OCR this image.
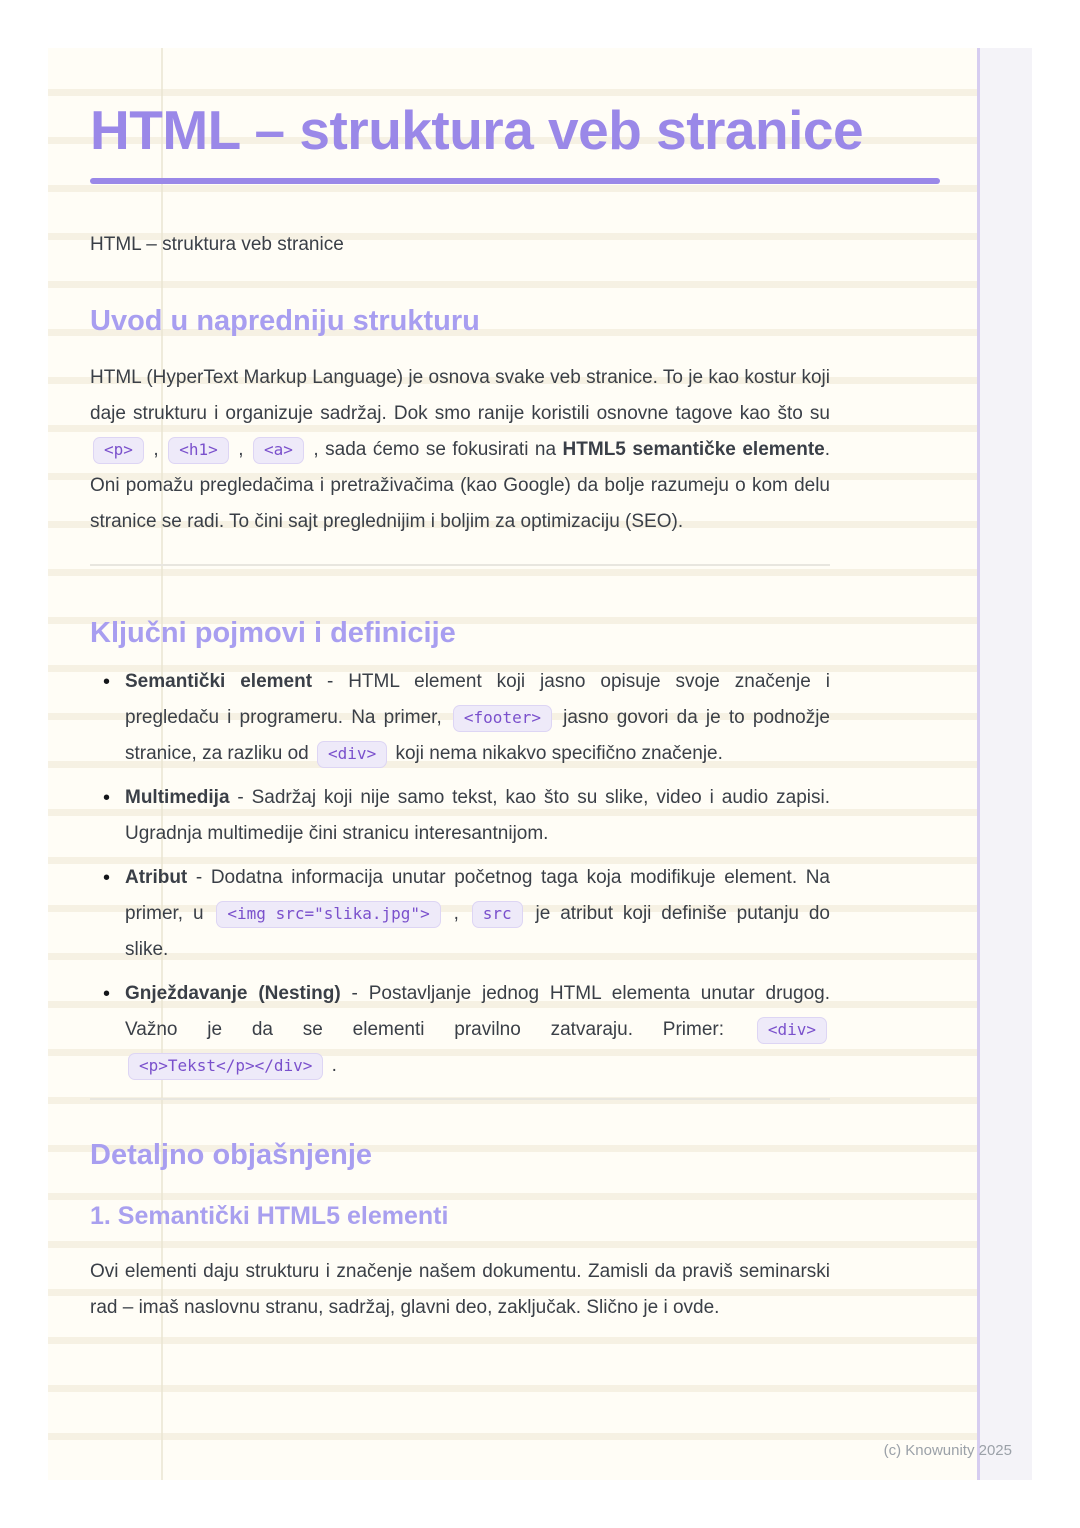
HTML – struktura veb stranice
HTML – struktura veb stranice
Uvod u napredniju strukturu

HTML (HyperText Markup Language) je osnova svake veb stranice. To je kao kostur koji daje strukturu i organizuje sadržaj. Dok smo ranije koristili osnovne tagove kao što su <p> , <h1> , <a> , sada ćemo se fokusirati na HTML5 semantičke elemente. Oni pomažu pregledačima i pretraživačima (kao Google) da bolje razumeju o kom delu stranice se radi. To čini sajt preglednijim i boljim za optimizaciju (SEO).

Ključni pojmovi i definicije
• Semantički element - HTML element koji jasno opisuje svoje značenje i pregledaču i programeru. Na primer, <footer> jasno govori da je to podnožje stranice, za razliku od <div> koji nema nikakvo specifično značenje.
• Multimedija - Sadržaj koji nije samo tekst, kao što su slike, video i audio zapisi. Ugradnja multimedije čini stranicu interesantnijom.
• Atribut - Dodatna informacija unutar početnog taga koja modifikuje element. Na primer, u <img src="slika.jpg"> , src je atribut koji definiše putanju do slike.
• Gnježdavanje (Nesting) - Postavljanje jednog HTML elementa unutar drugog. Važno je da se elementi pravilno zatvaraju. Primer: <div> <p>Tekst</p></div> .
Detaljno objašnjenje
1. Semantički HTML5 elementi

Ovi elementi daju strukturu i značenje našem dokumentu. Zamisli da praviš seminarski rad – imaš naslovnu stranu, sadržaj, glavni deo, zaključak. Slično je i ovde.

(c) Knowunity 2025
